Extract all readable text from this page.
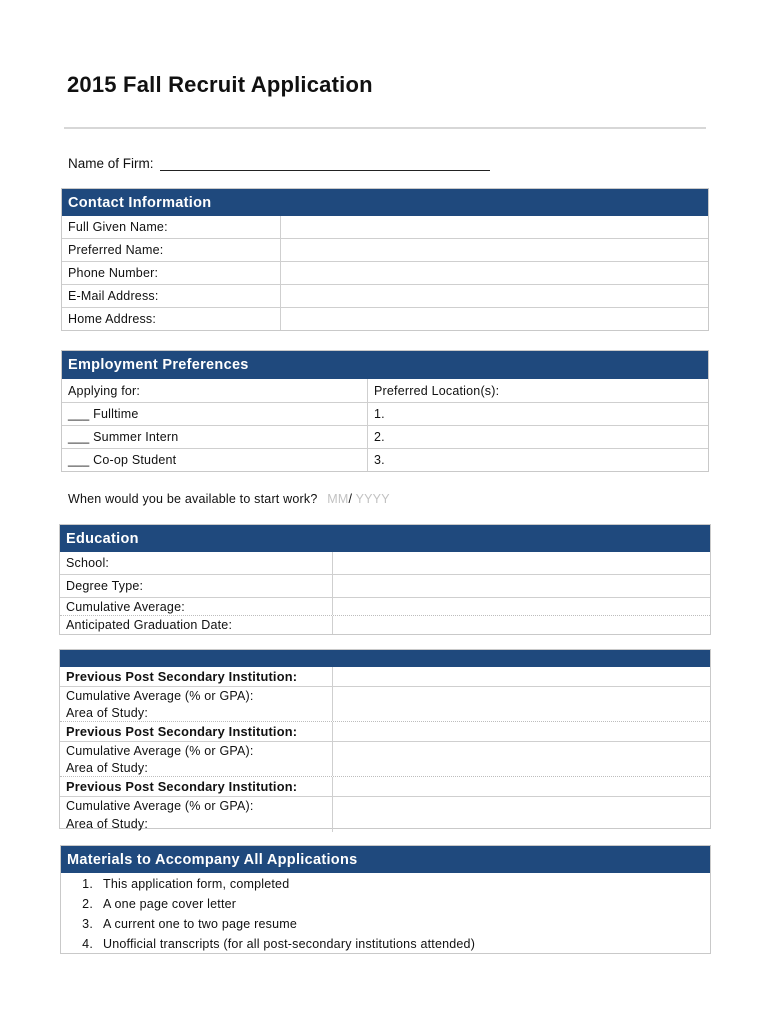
2015 Fall Recruit Application
Name of Firm:
Contact Information
Full Given Name:
Preferred Name:
Phone Number:
E-Mail Address:
Home Address:
Employment Preferences
Applying for:	Preferred Location(s):
___ Fulltime	1.
___ Summer Intern	2.
___ Co-op Student	3.
When would you be available to start work? MM/ YYYY
Education
School:
Degree Type:
Cumulative Average:
Anticipated Graduation Date:
Previous Post Secondary Institution:
Cumulative Average (% or GPA):
Area of Study:
Previous Post Secondary Institution:
Cumulative Average (% or GPA):
Area of Study:
Previous Post Secondary Institution:
Cumulative Average (% or GPA):
Area of Study:
Materials to Accompany All Applications
1. This application form, completed
2. A one page cover letter
3. A current one to two page resume
4. Unofficial transcripts (for all post-secondary institutions attended)
